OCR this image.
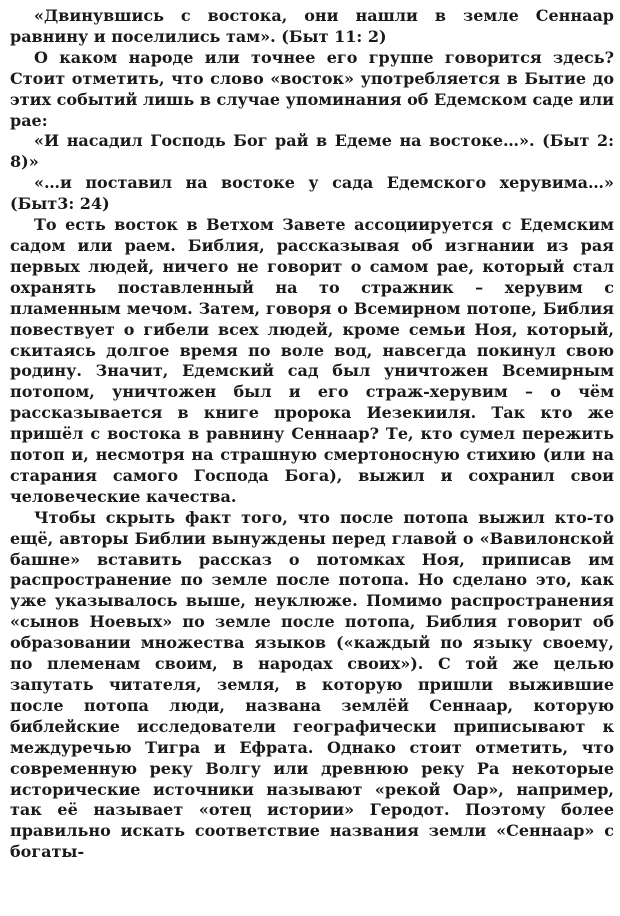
«Двинувшись с востока, они нашли в земле Сеннаар равнину и поселились там». (Быт 11: 2)

О каком народе или точнее его группе говорится здесь? Стоит отметить, что слово «восток» употребляется в Бытие до этих событий лишь в случае упоминания об Едемском саде или рае:

«И насадил Господь Бог рай в Едеме на востоке…». (Быт 2: 8)»

«…и поставил на востоке у сада Едемского херувима…» (Быт3: 24)

То есть восток в Ветхом Завете ассоциируется с Едемским садом или раем. Библия, рассказывая об изгнании из рая первых людей, ничего не говорит о самом рае, который стал охранять поставленный на то стражник – херувим с пламенным мечом. Затем, говоря о Всемирном потопе, Библия повествует о гибели всех людей, кроме семьи Ноя, который, скитаясь долгое время по воле вод, навсегда покинул свою родину. Значит, Едемский сад был уничтожен Всемирным потопом, уничтожен был и его страж-херувим – о чём рассказывается в книге пророка Иезекииля. Так кто же пришёл с востока в равнину Сеннаар? Те, кто сумел пережить потоп и, несмотря на страшную смертоносную стихию (или на старания самого Господа Бога), выжил и сохранил свои человеческие качества.

Чтобы скрыть факт того, что после потопа выжил кто-то ещё, авторы Библии вынуждены перед главой о «Вавилонской башне» вставить рассказ о потомках Ноя, приписав им распространение по земле после потопа. Но сделано это, как уже указывалось выше, неуклюже. Помимо распространения «сынов Ноевых» по земле после потопа, Библия говорит об образовании множества языков («каждый по языку своему, по племенам своим, в народах своих»). С той же целью запутать читателя, земля, в которую пришли выжившие после потопа люди, названа землёй Сеннаар, которую библейские исследователи географически приписывают к междуречью Тигра и Ефрата. Однако стоит отметить, что современную реку Волгу или древнюю реку Ра некоторые исторические источники называют «рекой Оар», например, так её называет «отец истории» Геродот. Поэтому более правильно искать соответствие названия земли «Сеннаар» с богаты-
